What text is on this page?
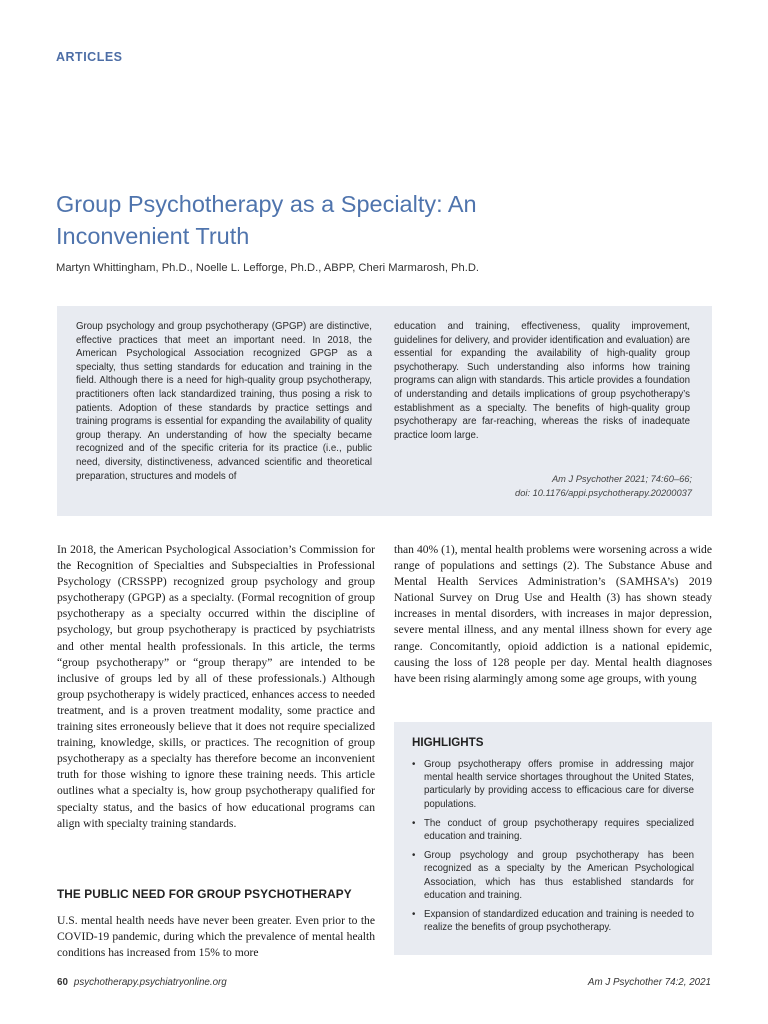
ARTICLES
Group Psychotherapy as a Specialty: An Inconvenient Truth
Martyn Whittingham, Ph.D., Noelle L. Lefforge, Ph.D., ABPP, Cheri Marmarosh, Ph.D.
Group psychology and group psychotherapy (GPGP) are distinctive, effective practices that meet an important need. In 2018, the American Psychological Association recognized GPGP as a specialty, thus setting standards for education and training in the field. Although there is a need for high-quality group psychotherapy, practitioners often lack standardized training, thus posing a risk to patients. Adoption of these standards by practice settings and training programs is essential for expanding the availability of quality group therapy. An understanding of how the specialty became recognized and of the specific criteria for its practice (i.e., public need, diversity, distinctiveness, advanced scientific and theoretical preparation, structures and models of
education and training, effectiveness, quality improvement, guidelines for delivery, and provider identification and evaluation) are essential for expanding the availability of high-quality group psychotherapy. Such understanding also informs how training programs can align with standards. This article provides a foundation of understanding and details implications of group psychotherapy’s establishment as a specialty. The benefits of high-quality group psychotherapy are far-reaching, whereas the risks of inadequate practice loom large.
Am J Psychother 2021; 74:60–66;
doi: 10.1176/appi.psychotherapy.20200037

In 2018, the American Psychological Association’s Commission for the Recognition of Specialties and Subspecialties in Professional Psychology (CRSSPP) recognized group psychology and group psychotherapy (GPGP) as a specialty. (Formal recognition of group psychotherapy as a specialty occurred within the discipline of psychology, but group psychotherapy is practiced by psychiatrists and other mental health professionals. In this article, the terms “group psychotherapy” or “group therapy” are intended to be inclusive of groups led by all of these professionals.) Although group psychotherapy is widely practiced, enhances access to needed treatment, and is a proven treatment modality, some practice and training sites erroneously believe that it does not require specialized training, knowledge, skills, or practices. The recognition of group psychotherapy as a specialty has therefore become an inconvenient truth for those wishing to ignore these training needs. This article outlines what a specialty is, how group psychotherapy qualified for specialty status, and the basics of how educational programs can align with specialty training standards.

THE PUBLIC NEED FOR GROUP PSYCHOTHERAPY

U.S. mental health needs have never been greater. Even prior to the COVID-19 pandemic, during which the prevalence of mental health conditions has increased from 15% to more

than 40% (1), mental health problems were worsening across a wide range of populations and settings (2). The Substance Abuse and Mental Health Services Administration’s (SAMHSA’s) 2019 National Survey on Drug Use and Health (3) has shown steady increases in mental disorders, with increases in major depression, severe mental illness, and any mental illness shown for every age range. Concomitantly, opioid addiction is a national epidemic, causing the loss of 128 people per day. Mental health diagnoses have been rising alarmingly among some age groups, with young

HIGHLIGHTS
• Group psychotherapy offers promise in addressing major mental health service shortages throughout the United States, particularly by providing access to efficacious care for diverse populations.
• The conduct of group psychotherapy requires specialized education and training.
• Group psychology and group psychotherapy has been recognized as a specialty by the American Psychological Association, which has thus established standards for education and training.
• Expansion of standardized education and training is needed to realize the benefits of group psychotherapy.
60 psychotherapy.psychiatryonline.org	Am J Psychother 74:2, 2021
